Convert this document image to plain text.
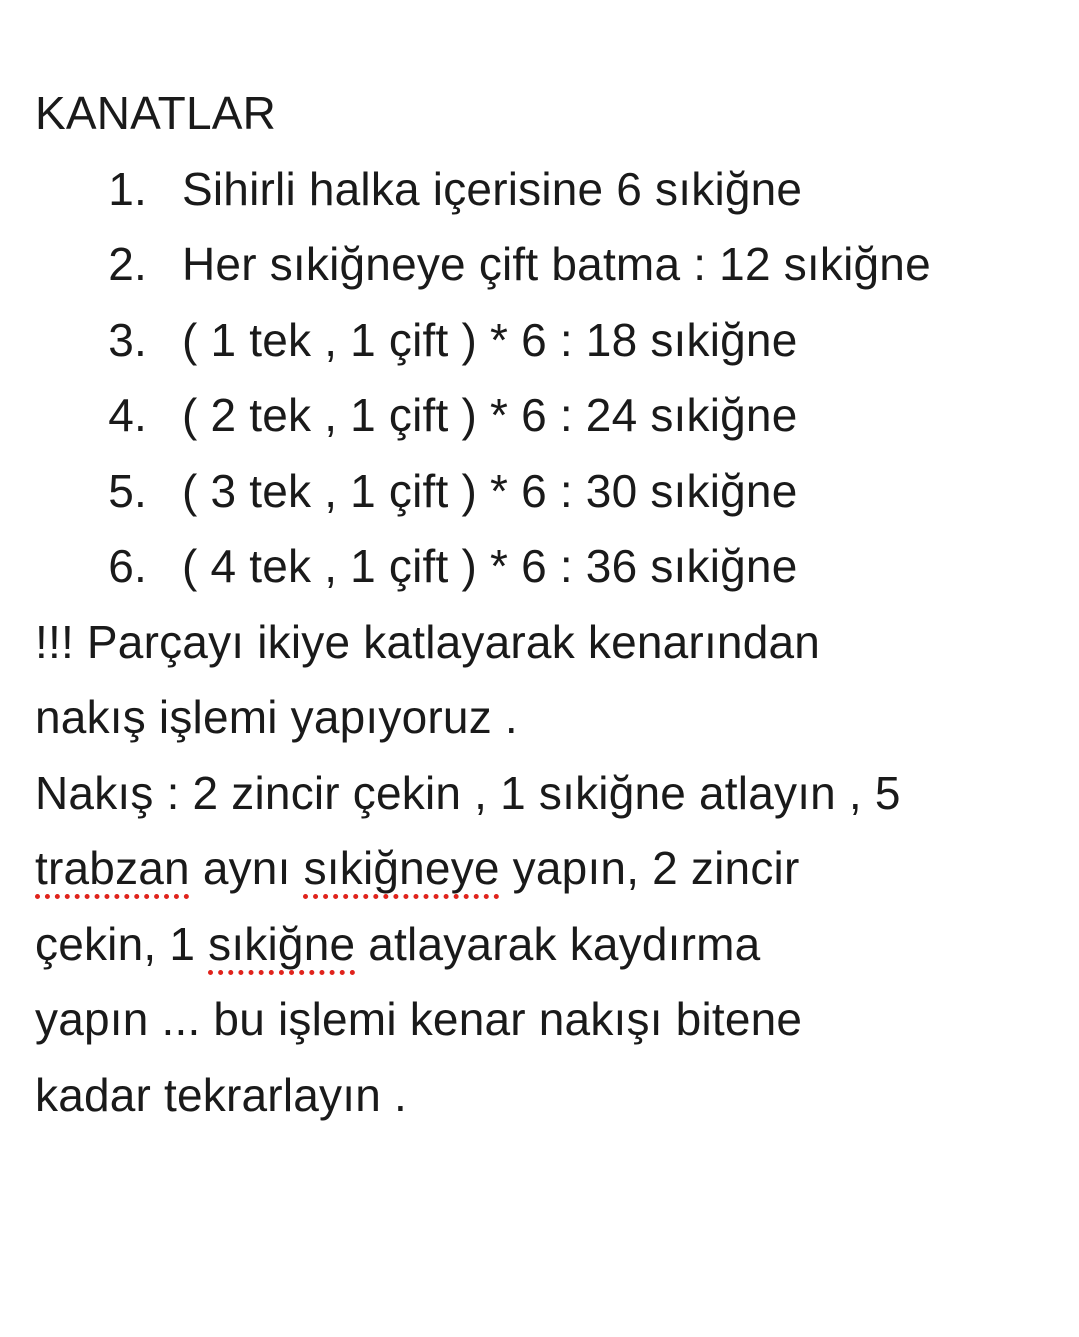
KANATLAR
1. Sihirli halka içerisine 6 sıkiğne
2. Her sıkiğneye çift batma : 12 sıkiğne
3. ( 1 tek , 1 çift ) * 6 : 18 sıkiğne
4. ( 2 tek , 1 çift ) * 6 : 24 sıkiğne
5. ( 3 tek , 1 çift ) * 6 : 30 sıkiğne
6. ( 4 tek , 1 çift ) * 6 : 36 sıkiğne

!!! Parçayı ikiye katlayarak kenarından

nakış işlemi yapıyoruz .

Nakış : 2 zincir çekin , 1 sıkiğne atlayın , 5

trabzan aynı sıkiğneye yapın, 2 zincir

çekin, 1 sıkiğne atlayarak kaydırma

yapın ... bu işlemi kenar nakışı bitene

kadar tekrarlayın .
